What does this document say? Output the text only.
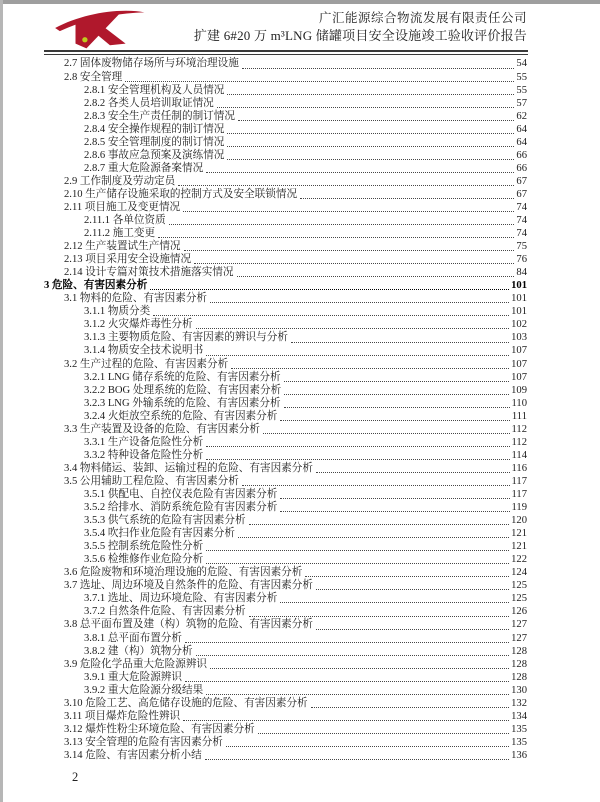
广汇能源综合物流发展有限责任公司
扩建 6#20 万 m³LNG 储罐项目安全设施竣工验收评价报告
2.7 固体废物储存场所与环境治理设施	54
2.8 安全管理	55
2.8.1 安全管理机构及人员情况	55
2.8.2 各类人员培训取证情况	57
2.8.3 安全生产责任制的制订情况	62
2.8.4 安全操作规程的制订情况	64
2.8.5 安全管理制度的制订情况	64
2.8.6 事故应急预案及演练情况	66
2.8.7 重大危险源备案情况	66
2.9 工作制度及劳动定员	67
2.10 生产储存设施采取的控制方式及安全联锁情况	67
2.11 项目施工及变更情况	74
2.11.1 各单位资质	74
2.11.2 施工变更	74
2.12 生产装置试生产情况	75
2.13 项目采用安全设施情况	76
2.14 设计专篇对策技术措施落实情况	84
3 危险、有害因素分析	101
3.1 物料的危险、有害因素分析	101
3.1.1 物质分类	101
3.1.2 火灾爆炸毒性分析	102
3.1.3 主要物质危险、有害因素的辨识与分析	103
3.1.4 物质安全技术说明书	107
3.2 生产过程的危险、有害因素分析	107
3.2.1 LNG 储存系统的危险、有害因素分析	107
3.2.2 BOG 处理系统的危险、有害因素分析	109
3.2.3 LNG 外输系统的危险、有害因素分析	110
3.2.4 火炬放空系统的危险、有害因素分析	111
3.3 生产装置及设备的危险、有害因素分析	112
3.3.1 生产设备危险性分析	112
3.3.2 特种设备危险性分析	114
3.4 物料储运、装卸、运输过程的危险、有害因素分析	116
3.5 公用辅助工程危险、有害因素分析	117
3.5.1 供配电、自控仪表危险有害因素分析	117
3.5.2 给排水、消防系统危险有害因素分析	119
3.5.3 供气系统的危险有害因素分析	120
3.5.4 吹扫作业危险有害因素分析	121
3.5.5 控制系统危险性分析	121
3.5.6 检维修作业危险分析	122
3.6 危险废物和环境治理设施的危险、有害因素分析	124
3.7 选址、周边环境及自然条件的危险、有害因素分析	125
3.7.1 选址、周边环境危险、有害因素分析	125
3.7.2 自然条件危险、有害因素分析	126
3.8 总平面布置及建（构）筑物的危险、有害因素分析	127
3.8.1 总平面布置分析	127
3.8.2 建（构）筑物分析	128
3.9 危险化学品重大危险源辨识	128
3.9.1 重大危险源辨识	128
3.9.2 重大危险源分级结果	130
3.10 危险工艺、高危储存设施的危险、有害因素分析	132
3.11 项目爆炸危险性辨识	134
3.12 爆炸性粉尘环境危险、有害因素分析	135
3.13 安全管理的危险有害因素分析	135
3.14 危险、有害因素分析小结	136
2
